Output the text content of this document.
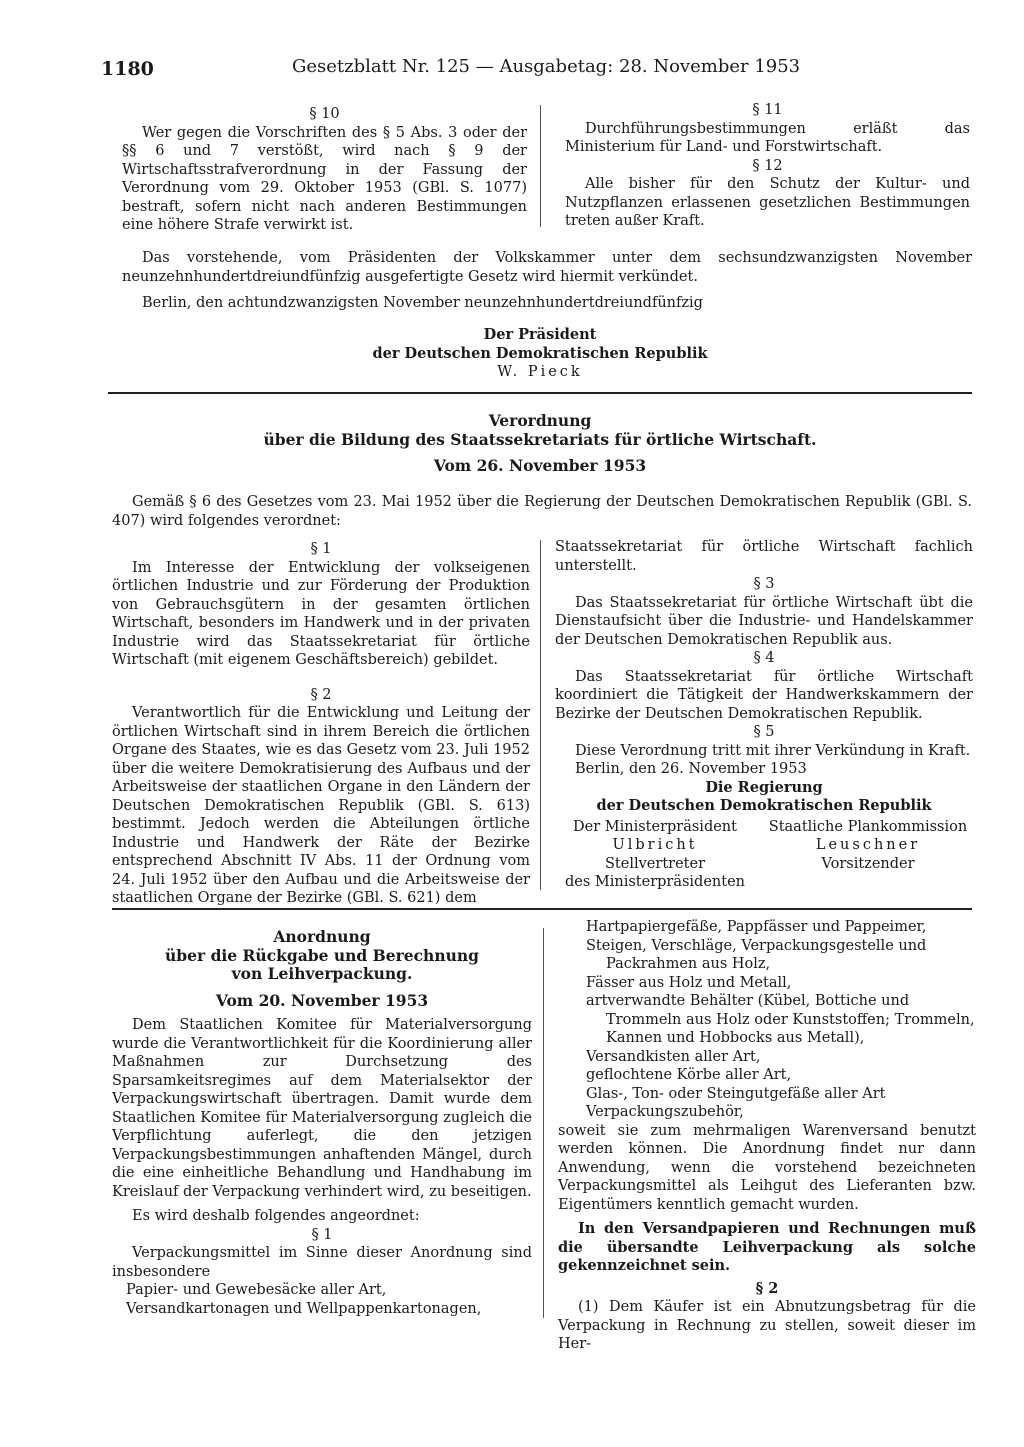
1180	Gesetzblatt Nr. 125 — Ausgabetag: 28. November 1953

§ 10

Wer gegen die Vorschriften des § 5 Abs. 3 oder der §§ 6 und 7 verstößt, wird nach § 9 der Wirtschaftsstrafverordnung in der Fassung der Verordnung vom 29. Oktober 1953 (GBl. S. 1077) bestraft, sofern nicht nach anderen Bestimmungen eine höhere Strafe verwirkt ist.

§ 11

Durchführungsbestimmungen erläßt das Ministerium für Land- und Forstwirtschaft.

§ 12

Alle bisher für den Schutz der Kultur- und Nutzpflanzen erlassenen gesetzlichen Bestimmungen treten außer Kraft.

Das vorstehende, vom Präsidenten der Volkskammer unter dem sechsundzwanzigsten November neunzehnhundertdreiundfünfzig ausgefertigte Gesetz wird hiermit verkündet.

Berlin, den achtundzwanzigsten November neunzehnhundertdreiundfünfzig

Der Präsident

der Deutschen Demokratischen Republik

W. Pieck

Verordnung

über die Bildung des Staatssekretariats für örtliche Wirtschaft.

Vom 26. November 1953

Gemäß § 6 des Gesetzes vom 23. Mai 1952 über die Regierung der Deutschen Demokratischen Republik (GBl. S. 407) wird folgendes verordnet:

§ 1

Im Interesse der Entwicklung der volkseigenen örtlichen Industrie und zur Förderung der Produktion von Gebrauchsgütern in der gesamten örtlichen Wirtschaft, besonders im Handwerk und in der privaten Industrie wird das Staatssekretariat für örtliche Wirtschaft (mit eigenem Geschäftsbereich) gebildet.

§ 2

Verantwortlich für die Entwicklung und Leitung der örtlichen Wirtschaft sind in ihrem Bereich die örtlichen Organe des Staates, wie es das Gesetz vom 23. Juli 1952 über die weitere Demokratisierung des Aufbaus und der Arbeitsweise der staatlichen Organe in den Ländern der Deutschen Demokratischen Republik (GBl. S. 613) bestimmt. Jedoch werden die Abteilungen örtliche Industrie und Handwerk der Räte der Bezirke entsprechend Abschnitt IV Abs. 11 der Ordnung vom 24. Juli 1952 über den Aufbau und die Arbeitsweise der staatlichen Organe der Bezirke (GBl. S. 621) dem

Staatssekretariat für örtliche Wirtschaft fachlich unterstellt.

§ 3

Das Staatssekretariat für örtliche Wirtschaft übt die Dienstaufsicht über die Industrie- und Handelskammer der Deutschen Demokratischen Republik aus.

§ 4

Das Staatssekretariat für örtliche Wirtschaft koordiniert die Tätigkeit der Handwerkskammern der Bezirke der Deutschen Demokratischen Republik.

§ 5

Diese Verordnung tritt mit ihrer Verkündung in Kraft.

Berlin, den 26. November 1953

Die Regierung

der Deutschen Demokratischen Republik

Der Ministerpräsident

Ulbricht

Stellvertreter

des Ministerpräsidenten

Staatliche Plankommission

Leuschner

Vorsitzender

Anordnung

über die Rückgabe und Berechnung

von Leihverpackung.

Vom 20. November 1953

Dem Staatlichen Komitee für Materialversorgung wurde die Verantwortlichkeit für die Koordinierung aller Maßnahmen zur Durchsetzung des Sparsamkeitsregimes auf dem Materialsektor der Verpackungswirtschaft übertragen. Damit wurde dem Staatlichen Komitee für Materialversorgung zugleich die Verpflichtung auferlegt, die den jetzigen Verpackungsbestimmungen anhaftenden Mängel, durch die eine einheitliche Behandlung und Handhabung im Kreislauf der Verpackung verhindert wird, zu beseitigen.

Es wird deshalb folgendes angeordnet:

§ 1

Verpackungsmittel im Sinne dieser Anordnung sind insbesondere

Papier- und Gewebesäcke aller Art,

Versandkartonagen und Wellpappenkartonagen,

Hartpapiergefäße, Pappfässer und Pappeimer,

Steigen, Verschläge, Verpackungsgestelle und Packrahmen aus Holz,

Fässer aus Holz und Metall,

artverwandte Behälter (Kübel, Bottiche und Trommeln aus Holz oder Kunststoffen; Trommeln, Kannen und Hobbocks aus Metall),

Versandkisten aller Art,

geflochtene Körbe aller Art,

Glas-, Ton- oder Steingutgefäße aller Art

Verpackungszubehör,

soweit sie zum mehrmaligen Warenversand benutzt werden können. Die Anordnung findet nur dann Anwendung, wenn die vorstehend bezeichneten Verpackungsmittel als Leihgut des Lieferanten bzw. Eigentümers kenntlich gemacht wurden.

In den Versandpapieren und Rechnungen muß die übersandte Leihverpackung als solche gekennzeichnet sein.

§ 2

(1) Dem Käufer ist ein Abnutzungsbetrag für die Verpackung in Rechnung zu stellen, soweit dieser im Her-
